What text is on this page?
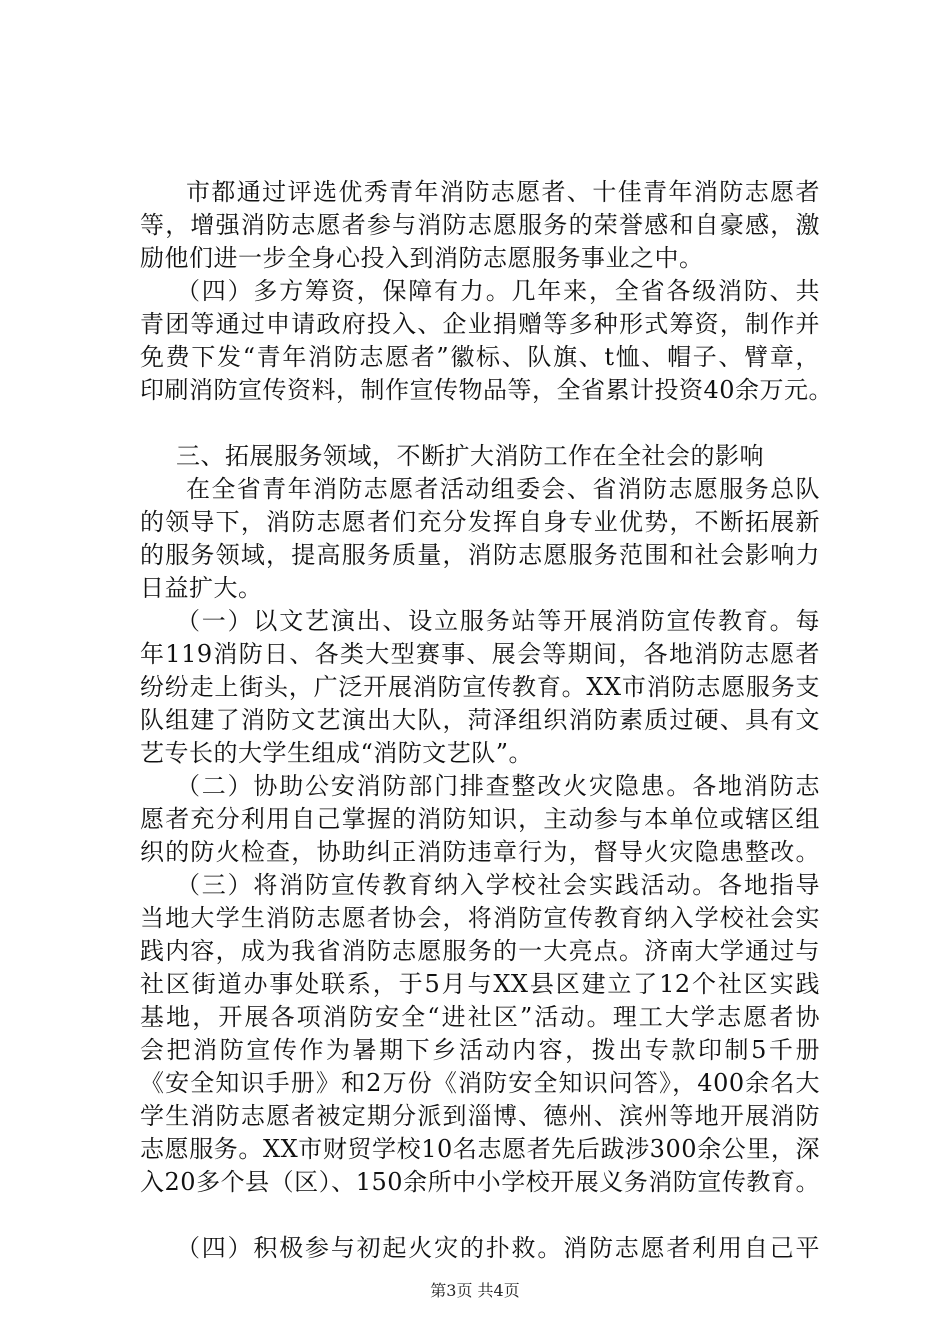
市都通过评选优秀青年消防志愿者、十佳青年消防志愿者
等，增强消防志愿者参与消防志愿服务的荣誉感和自豪感，激
励他们进一步全身心投入到消防志愿服务事业之中。
（四）多方筹资，保障有力。几年来，全省各级消防、共
青团等通过申请政府投入、企业捐赠等多种形式筹资，制作并
免费下发“青年消防志愿者”徽标、队旗、t恤、帽子、臂章，
印刷消防宣传资料，制作宣传物品等，全省累计投资40余万元。
三、拓展服务领域，不断扩大消防工作在全社会的影响
在全省青年消防志愿者活动组委会、省消防志愿服务总队
的领导下，消防志愿者们充分发挥自身专业优势，不断拓展新
的服务领域，提高服务质量，消防志愿服务范围和社会影响力
日益扩大。
（一）以文艺演出、设立服务站等开展消防宣传教育。每
年119消防日、各类大型赛事、展会等期间，各地消防志愿者
纷纷走上街头，广泛开展消防宣传教育。XX市消防志愿服务支
队组建了消防文艺演出大队，菏泽组织消防素质过硬、具有文
艺专长的大学生组成“消防文艺队”。
（二）协助公安消防部门排查整改火灾隐患。各地消防志
愿者充分利用自己掌握的消防知识，主动参与本单位或辖区组
织的防火检查，协助纠正消防违章行为，督导火灾隐患整改。
（三）将消防宣传教育纳入学校社会实践活动。各地指导
当地大学生消防志愿者协会，将消防宣传教育纳入学校社会实
践内容，成为我省消防志愿服务的一大亮点。济南大学通过与
社区街道办事处联系，于5月与XX县区建立了12个社区实践
基地，开展各项消防安全“进社区”活动。理工大学志愿者协
会把消防宣传作为暑期下乡活动内容，拨出专款印制5千册
《安全知识手册》和2万份《消防安全知识问答》，400余名大
学生消防志愿者被定期分派到淄博、德州、滨州等地开展消防
志愿服务。XX市财贸学校10名志愿者先后跋涉300余公里，深
入20多个县（区）、150余所中小学校开展义务消防宣传教育。
（四）积极参与初起火灾的扑救。消防志愿者利用自己平
第3页 共4页
